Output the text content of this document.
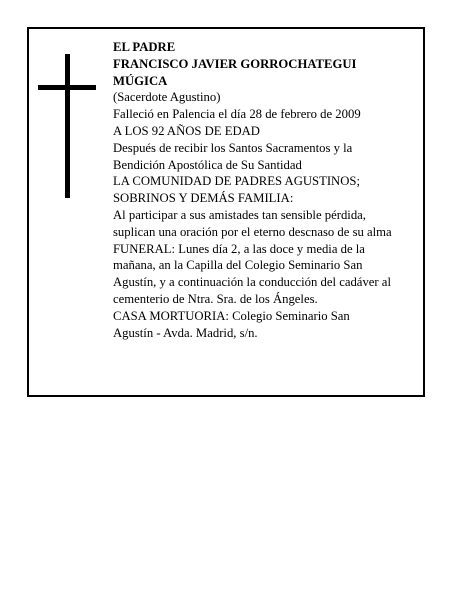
EL PADRE
FRANCISCO JAVIER GORROCHATEGUI
MÚGICA
(Sacerdote Agustino)
Falleció en Palencia el día 28 de febrero de 2009
A LOS 92 AÑOS DE EDAD
Después de recibir los Santos Sacramentos y la
Bendición Apostólica de Su Santidad
LA COMUNIDAD DE PADRES AGUSTINOS;
SOBRINOS Y DEMÁS FAMILIA:
Al participar a sus amistades tan sensible pérdida,
suplican una oración por el eterno descnaso de su alma
FUNERAL: Lunes día 2, a las doce y media de la
mañana, an la Capilla del Colegio Seminario San
Agustín, y a continuación la conducción del cadáver al
cementerio de Ntra. Sra. de los Ángeles.
CASA MORTUORIA: Colegio Seminario San
Agustín - Avda. Madrid, s/n.
